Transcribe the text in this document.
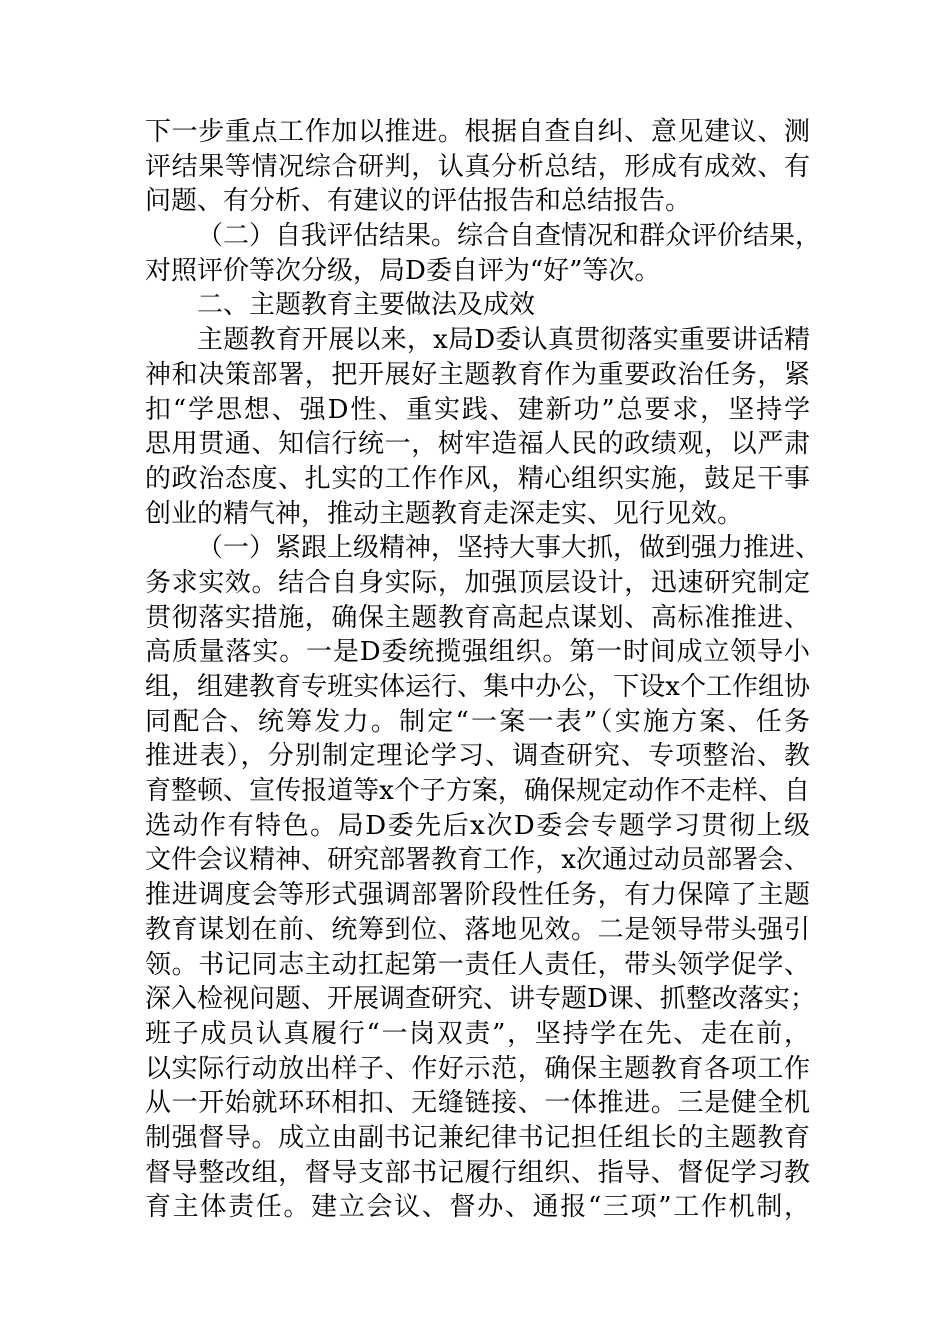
下一步重点工作加以推进。根据自查自纠、意见建议、测
评结果等情况综合研判，认真分析总结，形成有成效、有
问题、有分析、有建议的评估报告和总结报告。
（二）自我评估结果。综合自查情况和群众评价结果，
对照评价等次分级，局D委自评为“好”等次。
二、主题教育主要做法及成效
主题教育开展以来，x局D委认真贯彻落实重要讲话精
神和决策部署，把开展好主题教育作为重要政治任务，紧
扣“学思想、强D性、重实践、建新功”总要求，坚持学
思用贯通、知信行统一，树牢造福人民的政绩观，以严肃
的政治态度、扎实的工作作风，精心组织实施，鼓足干事
创业的精气神，推动主题教育走深走实、见行见效。
（一）紧跟上级精神，坚持大事大抓，做到强力推进、
务求实效。结合自身实际，加强顶层设计，迅速研究制定
贯彻落实措施，确保主题教育高起点谋划、高标准推进、
高质量落实。一是D委统揽强组织。第一时间成立领导小
组，组建教育专班实体运行、集中办公，下设x个工作组协
同配合、统筹发力。制定“一案一表”（实施方案、任务
推进表），分别制定理论学习、调查研究、专项整治、教
育整顿、宣传报道等x个子方案，确保规定动作不走样、自
选动作有特色。局D委先后x次D委会专题学习贯彻上级
文件会议精神、研究部署教育工作，x次通过动员部署会、
推进调度会等形式强调部署阶段性任务，有力保障了主题
教育谋划在前、统筹到位、落地见效。二是领导带头强引
领。书记同志主动扛起第一责任人责任，带头领学促学、
深入检视问题、开展调查研究、讲专题D课、抓整改落实；
班子成员认真履行“一岗双责”，坚持学在先、走在前，
以实际行动放出样子、作好示范，确保主题教育各项工作
从一开始就环环相扣、无缝链接、一体推进。三是健全机
制强督导。成立由副书记兼纪律书记担任组长的主题教育
督导整改组，督导支部书记履行组织、指导、督促学习教
育主体责任。建立会议、督办、通报“三项”工作机制，
